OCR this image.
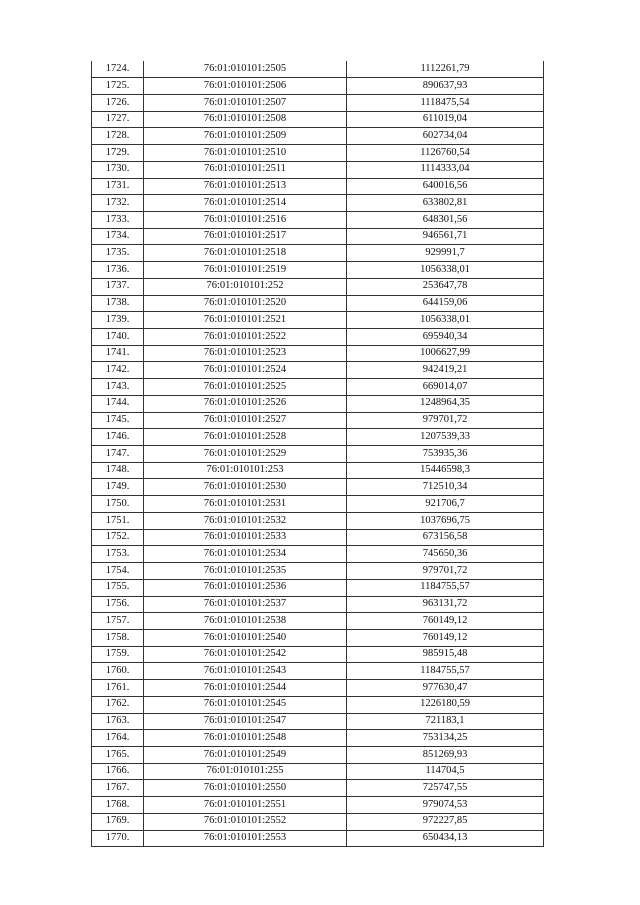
1724.	76:01:010101:2505	1112261,79
1725.	76:01:010101:2506	890637,93
1726.	76:01:010101:2507	1118475,54
1727.	76:01:010101:2508	611019,04
1728.	76:01:010101:2509	602734,04
1729.	76:01:010101:2510	1126760,54
1730.	76:01:010101:2511	1114333,04
1731.	76:01:010101:2513	640016,56
1732.	76:01:010101:2514	633802,81
1733.	76:01:010101:2516	648301,56
1734.	76:01:010101:2517	946561,71
1735.	76:01:010101:2518	929991,7
1736.	76:01:010101:2519	1056338,01
1737.	76:01:010101:252	253647,78
1738.	76:01:010101:2520	644159,06
1739.	76:01:010101:2521	1056338,01
1740.	76:01:010101:2522	695940,34
1741.	76:01:010101:2523	1006627,99
1742.	76:01:010101:2524	942419,21
1743.	76:01:010101:2525	669014,07
1744.	76:01:010101:2526	1248964,35
1745.	76:01:010101:2527	979701,72
1746.	76:01:010101:2528	1207539,33
1747.	76:01:010101:2529	753935,36
1748.	76:01:010101:253	15446598,3
1749.	76:01:010101:2530	712510,34
1750.	76:01:010101:2531	921706,7
1751.	76:01:010101:2532	1037696,75
1752.	76:01:010101:2533	673156,58
1753.	76:01:010101:2534	745650,36
1754.	76:01:010101:2535	979701,72
1755.	76:01:010101:2536	1184755,57
1756.	76:01:010101:2537	963131,72
1757.	76:01:010101:2538	760149,12
1758.	76:01:010101:2540	760149,12
1759.	76:01:010101:2542	985915,48
1760.	76:01:010101:2543	1184755,57
1761.	76:01:010101:2544	977630,47
1762.	76:01:010101:2545	1226180,59
1763.	76:01:010101:2547	721183,1
1764.	76:01:010101:2548	753134,25
1765.	76:01:010101:2549	851269,93
1766.	76:01:010101:255	114704,5
1767.	76:01:010101:2550	725747,55
1768.	76:01:010101:2551	979074,53
1769.	76:01:010101:2552	972227,85
1770.	76:01:010101:2553	650434,13
